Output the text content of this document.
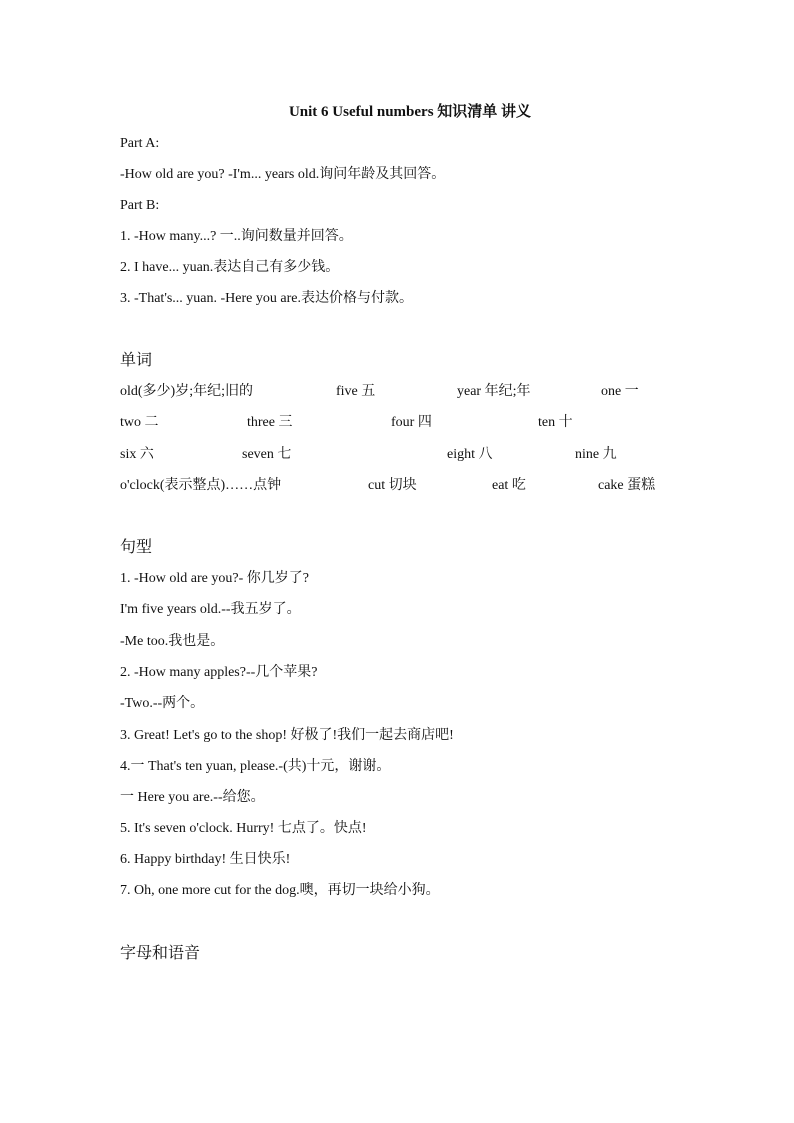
Unit 6 Useful numbers 知识清单 讲义
Part A:
-How old are you? -I'm... years old.询问年龄及其回答。
Part B:
1. -How many...? 一..询问数量并回答。
2. I have... yuan.表达自己有多少钱。
3. -That's... yuan. -Here you are.表达价格与付款。
单词
old(多少)岁;年纪;旧的	five 五	year 年纪;年	one 一
two 二	three 三	four 四	ten 十
six 六	seven 七	eight 八	nine 九
o'clock(表示整点)……点钟	cut 切块	eat 吃	cake 蛋糕
句型
1. -How old are you?- 你几岁了?
I'm five years old.--我五岁了。
-Me too.我也是。
2. -How many apples?--几个苹果?
-Two.--两个。
3. Great! Let's go to the shop! 好极了!我们一起去商店吧!
4.一 That's ten yuan, please.-(共)十元，谢谢。
一 Here you are.--给您。
5. It's seven o'clock. Hurry! 七点了。快点!
6. Happy birthday! 生日快乐!
7. Oh, one more cut for the dog.噢，再切一块给小狗。
字母和语音
